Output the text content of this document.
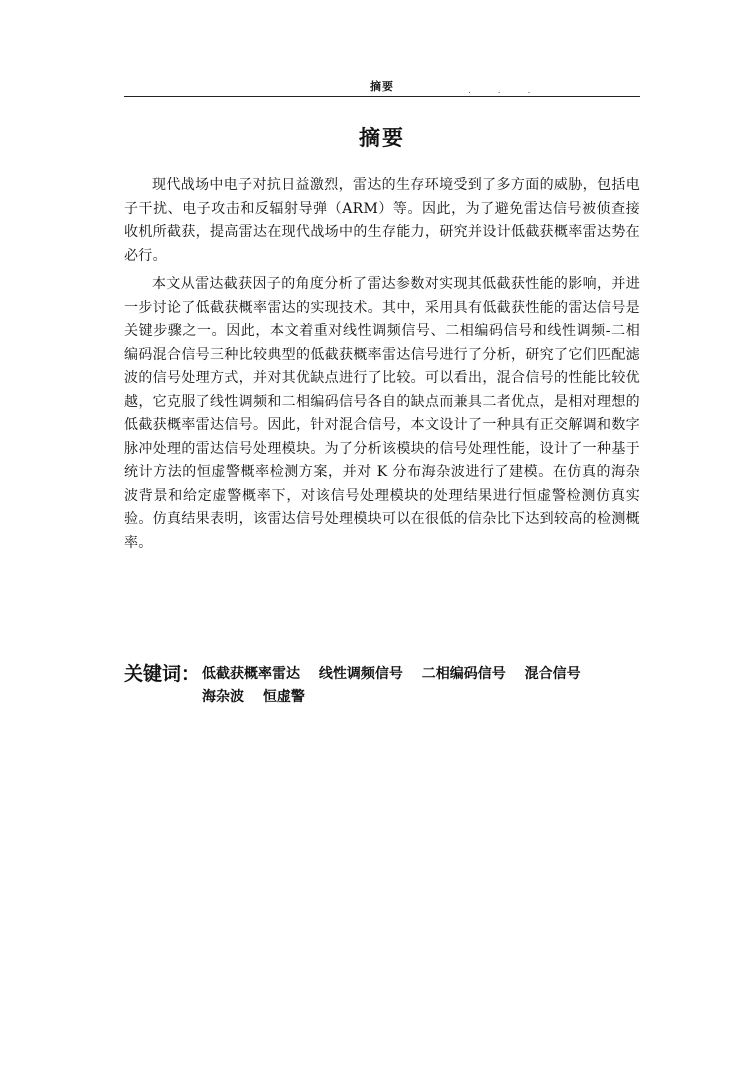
摘要	. . .
摘要

现代战场中电子对抗日益激烈，雷达的生存环境受到了多方面的威胁，包括电子干扰、电子攻击和反辐射导弹（ARM）等。因此，为了避免雷达信号被侦查接收机所截获，提高雷达在现代战场中的生存能力，研究并设计低截获概率雷达势在必行。

本文从雷达截获因子的角度分析了雷达参数对实现其低截获性能的影响，并进一步讨论了低截获概率雷达的实现技术。其中，采用具有低截获性能的雷达信号是关键步骤之一。因此，本文着重对线性调频信号、二相编码信号和线性调频-二相编码混合信号三种比较典型的低截获概率雷达信号进行了分析，研究了它们匹配滤波的信号处理方式，并对其优缺点进行了比较。可以看出，混合信号的性能比较优越，它克服了线性调频和二相编码信号各自的缺点而兼具二者优点，是相对理想的低截获概率雷达信号。因此，针对混合信号，本文设计了一种具有正交解调和数字脉冲处理的雷达信号处理模块。为了分析该模块的信号处理性能，设计了一种基于统计方法的恒虚警概率检测方案，并对 K 分布海杂波进行了建模。在仿真的海杂波背景和给定虚警概率下，对该信号处理模块的处理结果进行恒虚警检测仿真实验。仿真结果表明，该雷达信号处理模块可以在很低的信杂比下达到较高的检测概率。

关键词： 低截获概率雷达 线性调频信号 二相编码信号 混合信号 海杂波 恒虚警
